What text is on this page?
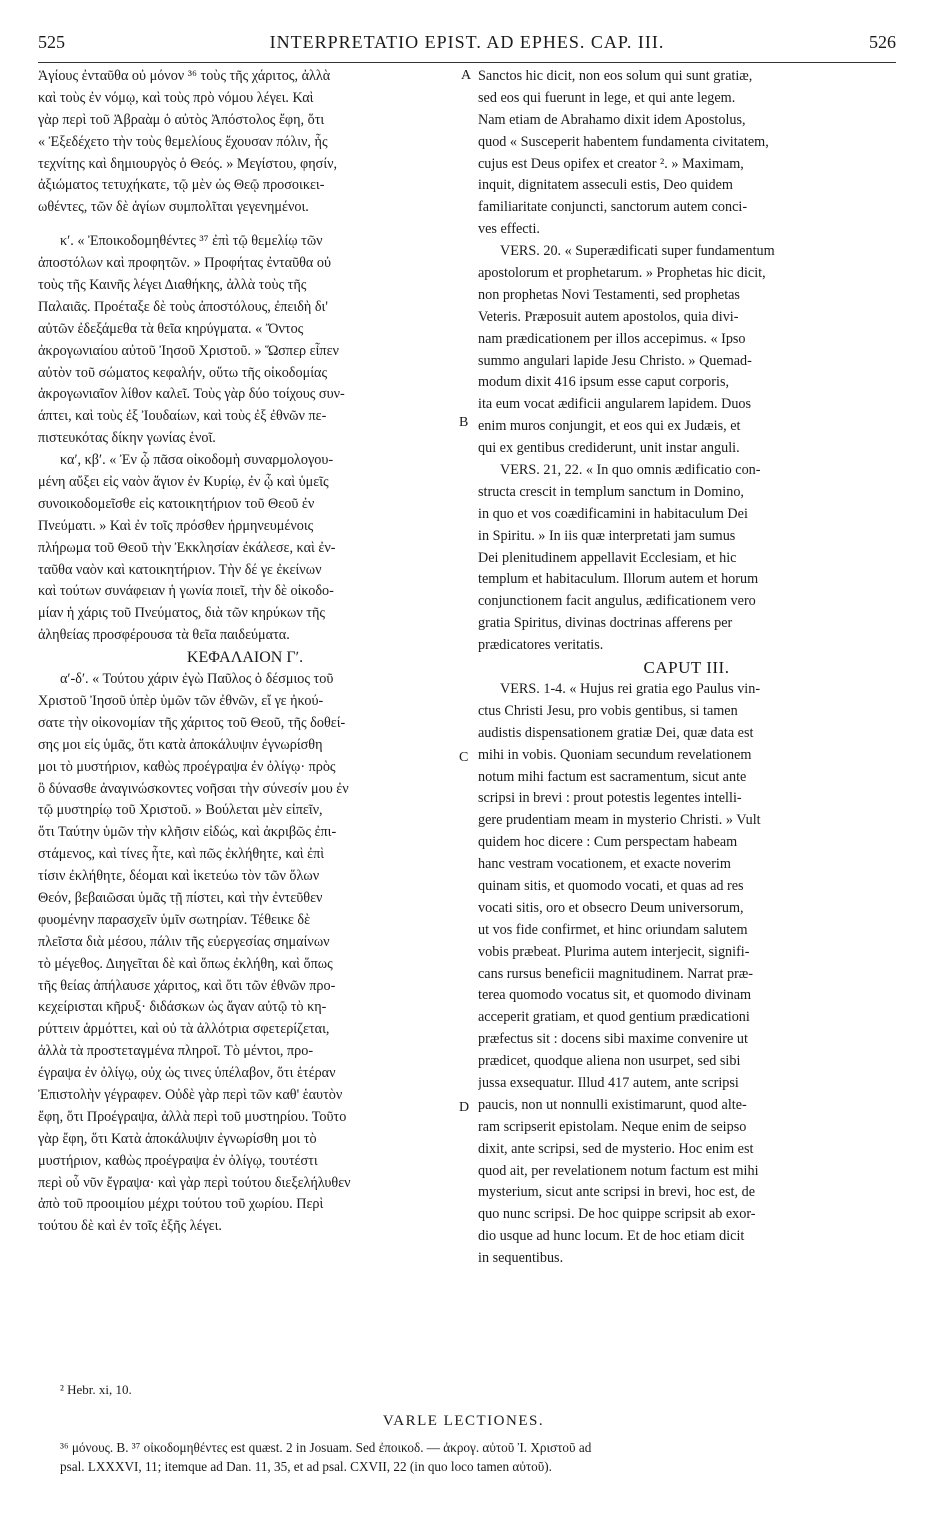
525	INTERPRETATIO EPIST. AD EPHES. CAP. III.	526
Ἁγίους ἐνταῦθα οὐ μόνον ³⁶ τοὺς τῆς χάριτος, ἀλλὰ
καὶ τοὺς ἐν νόμῳ, καὶ τοὺς πρὸ νόμου λέγει. Καὶ
γὰρ περὶ τοῦ Ἀβραὰμ ὁ αὐτὸς Ἀπόστολος ἔφη, ὅτι
« Ἐξεδέχετο τὴν τοὺς θεμελίους ἔχουσαν πόλιν, ἧς
τεχνίτης καὶ δημιουργὸς ὁ Θεός. » Μεγίστου, φησίν,
ἀξιώματος τετυχήκατε, τῷ μὲν ὡς Θεῷ προσοικει-
ωθέντες, τῶν δὲ ἁγίων συμπολῖται γεγενημένοι.
κʹ. « Ἐποικοδομηθέντες ³⁷ ἐπὶ τῷ θεμελίῳ τῶν
ἀποστόλων καὶ προφητῶν. » Προφήτας ἐνταῦθα οὐ
τοὺς τῆς Καινῆς λέγει Διαθήκης, ἀλλὰ τοὺς τῆς
Παλαιᾶς. Προέταξε δὲ τοὺς ἀποστόλους, ἐπειδὴ δι'
αὐτῶν ἐδεξάμεθα τὰ θεῖα κηρύγματα. « Ὄντος
ἀκρογωνιαίου αὐτοῦ Ἰησοῦ Χριστοῦ. » Ὥσπερ εἶπεν
αὐτὸν τοῦ σώματος κεφαλήν, οὕτω τῆς οἰκοδομίας
ἀκρογωνιαῖον λίθον καλεῖ. Τοὺς γὰρ δύο τοίχους συν-
άπτει, καὶ τοὺς ἐξ Ἰουδαίων, καὶ τοὺς ἐξ ἐθνῶν πε-
πιστευκότας δίκην γωνίας ἑνοῖ.
καʹ, κβʹ. « Ἐν ᾧ πᾶσα οἰκοδομὴ συναρμολογου-
μένη αὔξει εἰς ναὸν ἅγιον ἐν Κυρίῳ, ἐν ᾧ καὶ ὑμεῖς
συνοικοδομεῖσθε εἰς κατοικητήριον τοῦ Θεοῦ ἐν
Πνεύματι. » Καὶ ἐν τοῖς πρόσθεν ἡρμηνευμένοις
πλήρωμα τοῦ Θεοῦ τὴν Ἐκκλησίαν ἐκάλεσε, καὶ ἐν-
ταῦθα ναὸν καὶ κατοικητήριον. Τὴν δέ γε ἐκείνων
καὶ τούτων συνάφειαν ἡ γωνία ποιεῖ, τὴν δὲ οἰκοδο-
μίαν ἡ χάρις τοῦ Πνεύματος, διὰ τῶν κηρύκων τῆς
ἀληθείας προσφέρουσα τὰ θεῖα παιδεύματα.
ΚΕΦΑΛΑΙΟΝ Γʹ.
αʹ-δʹ. « Τούτου χάριν ἐγὼ Παῦλος ὁ δέσμιος τοῦ
Χριστοῦ Ἰησοῦ ὑπὲρ ὑμῶν τῶν ἐθνῶν, εἴ γε ἠκού-
σατε τὴν οἰκονομίαν τῆς χάριτος τοῦ Θεοῦ, τῆς δοθεί-
σης μοι εἰς ὑμᾶς, ὅτι κατὰ ἀποκάλυψιν ἐγνωρίσθη
μοι τὸ μυστήριον, καθὼς προέγραψα ἐν ὀλίγῳ· πρὸς
ὃ δύνασθε ἀναγινώσκοντες νοῆσαι τὴν σύνεσίν μου ἐν
τῷ μυστηρίῳ τοῦ Χριστοῦ. » Βούλεται μὲν εἰπεῖν,
ὅτι Ταύτην ὑμῶν τὴν κλῆσιν εἰδώς, καὶ ἀκριβῶς ἐπι-
στάμενος, καὶ τίνες ἦτε, καὶ πῶς ἐκλήθητε, καὶ ἐπὶ
τίσιν ἐκλήθητε, δέομαι καὶ ἱκετεύω τὸν τῶν ὅλων
Θεόν, βεβαιῶσαι ὑμᾶς τῇ πίστει, καὶ τὴν ἐντεῦθεν
φυομένην παρασχεῖν ὑμῖν σωτηρίαν. Τέθεικε δὲ
πλεῖστα διὰ μέσου, πάλιν τῆς εὐεργεσίας σημαίνων
τὸ μέγεθος. Διηγεῖται δὲ καὶ ὅπως ἐκλήθη, καὶ ὅπως
τῆς θείας ἀπήλαυσε χάριτος, καὶ ὅτι τῶν ἐθνῶν προ-
κεχείρισται κῆρυξ· διδάσκων ὡς ἄγαν αὐτῷ τὸ κη-
ρύττειν ἁρμόττει, καὶ οὐ τὰ ἀλλότρια σφετερίζεται,
ἀλλὰ τὰ προστεταγμένα πληροῖ. Τὸ μέντοι, προ-
έγραψα ἐν ὀλίγῳ, οὐχ ὡς τινες ὑπέλαβον, ὅτι ἑτέραν
Ἐπιστολὴν γέγραφεν. Οὐδὲ γὰρ περὶ τῶν καθ' ἑαυτὸν
ἔφη, ὅτι Προέγραψα, ἀλλὰ περὶ τοῦ μυστηρίου. Τοῦτο
γὰρ ἔφη, ὅτι Κατὰ ἀποκάλυψιν ἐγνωρίσθη μοι τὸ
μυστήριον, καθὼς προέγραψα ἐν ὀλίγῳ, τουτέστι
περὶ οὗ νῦν ἔγραψα· καὶ γὰρ περὶ τούτου διεξελήλυθεν
ἀπὸ τοῦ προοιμίου μέχρι τούτου τοῦ χωρίου. Περὶ
τούτου δὲ καὶ ἐν τοῖς ἑξῆς λέγει.
Sanctos hic dicit, non eos solum qui sunt gratiæ,
sed eos qui fuerunt in lege, et qui ante legem.
Nam etiam de Abrahamo dixit idem Apostolus,
quod « Susceperit habentem fundamenta civitatem,
cujus est Deus opifex et creator ². » Maximam,
inquit, dignitatem asseculi estis, Deo quidem
familiaritate conjuncti, sanctorum autem conci-
ves effecti.
VERS. 20. « Superædificati super fundamentum
apostolorum et prophetarum. » Prophetas hic dicit,
non prophetas Novi Testamenti, sed prophetas
Veteris. Præposuit autem apostolos, quia divi-
nam prædicationem per illos accepimus. « Ipso
summo angulari lapide Jesu Christo. » Quemad-
modum dixit 416 ipsum esse caput corporis,
ita eum vocat ædificii angularem lapidem. Duos
enim muros conjungit, et eos qui ex Judæis, et
qui ex gentibus crediderunt, unit instar anguli.
VERS. 21, 22. « In quo omnis ædificatio con-
structa crescit in templum sanctum in Domino,
in quo et vos coædificamini in habitaculum Dei
in Spiritu. » In iis quæ interpretati jam sumus
Dei plenitudinem appellavit Ecclesiam, et hic
templum et habitaculum. Illorum autem et horum
conjunctionem facit angulus, ædificationem vero
gratia Spiritus, divinas doctrinas afferens per
prædicatores veritatis.
CAPUT III.
VERS. 1-4. « Hujus rei gratia ego Paulus vin-
ctus Christi Jesu, pro vobis gentibus, si tamen
audistis dispensationem gratiæ Dei, quæ data est
mihi in vobis. Quoniam secundum revelationem
notum mihi factum est sacramentum, sicut ante
scripsi in brevi : prout potestis legentes intelli-
gere prudentiam meam in mysterio Christi. » Vult
quidem hoc dicere : Cum perspectam habeam
hanc vestram vocationem, et exacte noverim
quinam sitis, et quomodo vocati, et quas ad res
vocati sitis, oro et obsecro Deum universorum,
ut vos fide confirmet, et hinc oriundam salutem
vobis præbeat. Plurima autem interjecit, signifi-
cans rursus beneficii magnitudinem. Narrat præ-
terea quomodo vocatus sit, et quomodo divinam
acceperit gratiam, et quod gentium prædicationi
præfectus sit : docens sibi maxime convenire ut
prædicet, quodque aliena non usurpet, sed sibi
jussa exsequatur. Illud 417 autem, ante scripsi
paucis, non ut nonnulli existimarunt, quod alte-
ram scripserit epistolam. Neque enim de seipso
dixit, ante scripsi, sed de mysterio. Hoc enim est
quod ait, per revelationem notum factum est mihi
mysterium, sicut ante scripsi in brevi, hoc est, de
quo nunc scripsi. De hoc quippe scripsit ab exor-
dio usque ad hunc locum. Et de hoc etiam dicit
in sequentibus.
A
B
C
D
² Hebr. xi, 10.
VARLE LECTIONES.
³⁶ μόνους. B. ³⁷ οἰκοδομηθέντες est quæst. 2 in Josuam. Sed ἐποικοδ. — ἀκρογ. αὐτοῦ Ἰ. Χριστοῦ ad
psal. LXXXVI, 11; itemque ad Dan. 11, 35, et ad psal. CXVII, 22 (in quo loco tamen αὐτοῦ).
